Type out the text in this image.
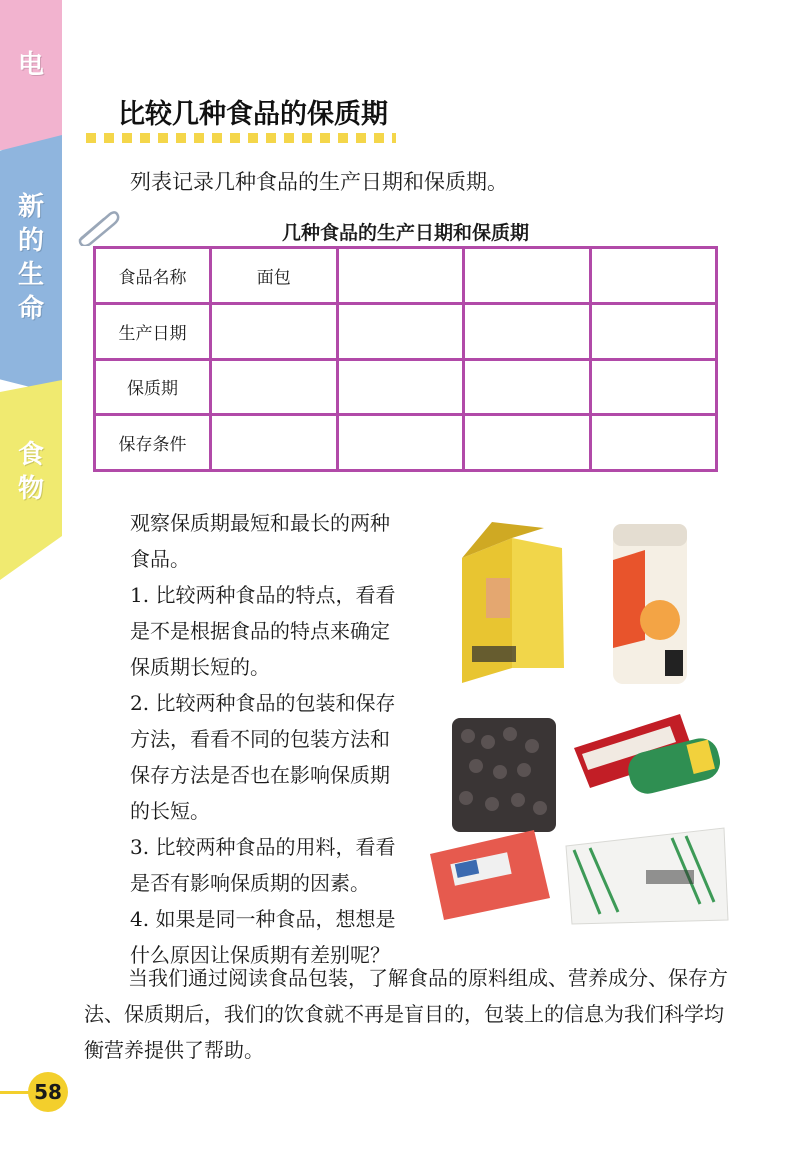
电
新
的
生
命
食
物
比较几种食品的保质期
列表记录几种食品的生产日期和保质期。
几种食品的生产日期和保质期
食品名称	面包			
生产日期				
保质期				
保存条件				
观察保质期最短和最长的两种食品。
1. 比较两种食品的特点，看看是不是根据食品的特点来确定保质期长短的。
2. 比较两种食品的包装和保存方法，看看不同的包装方法和保存方法是否也在影响保质期的长短。
3. 比较两种食品的用料，看看是否有影响保质期的因素。
4. 如果是同一种食品，想想是什么原因让保质期有差别呢？
当我们通过阅读食品包装，了解食品的原料组成、营养成分、保存方法、保质期后，我们的饮食就不再是盲目的，包装上的信息为我们科学均衡营养提供了帮助。
58
